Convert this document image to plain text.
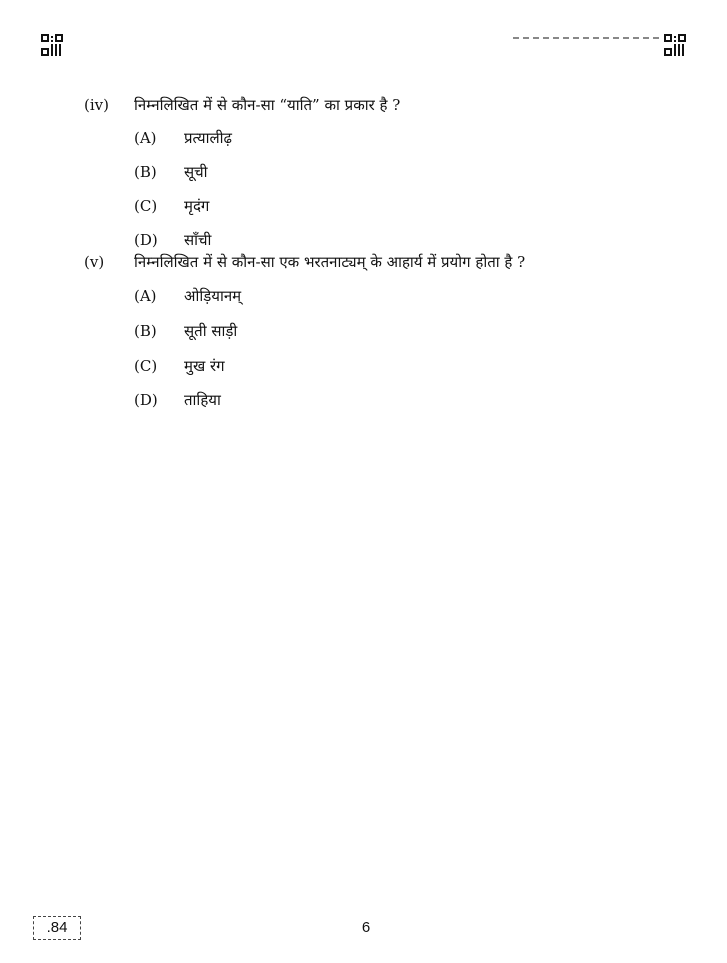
(iv) निम्नलिखित में से कौन-सा “याति” का प्रकार है ?
(A) प्रत्यालीढ़
(B) सूची
(C) मृदंग
(D) साँची
(v) निम्नलिखित में से कौन-सा एक भरतनाट्यम् के आहार्य में प्रयोग होता है ?
(A) ओड़ियानम्
(B) सूती साड़ी
(C) मुख रंग
(D) ताहिया
.84	6
